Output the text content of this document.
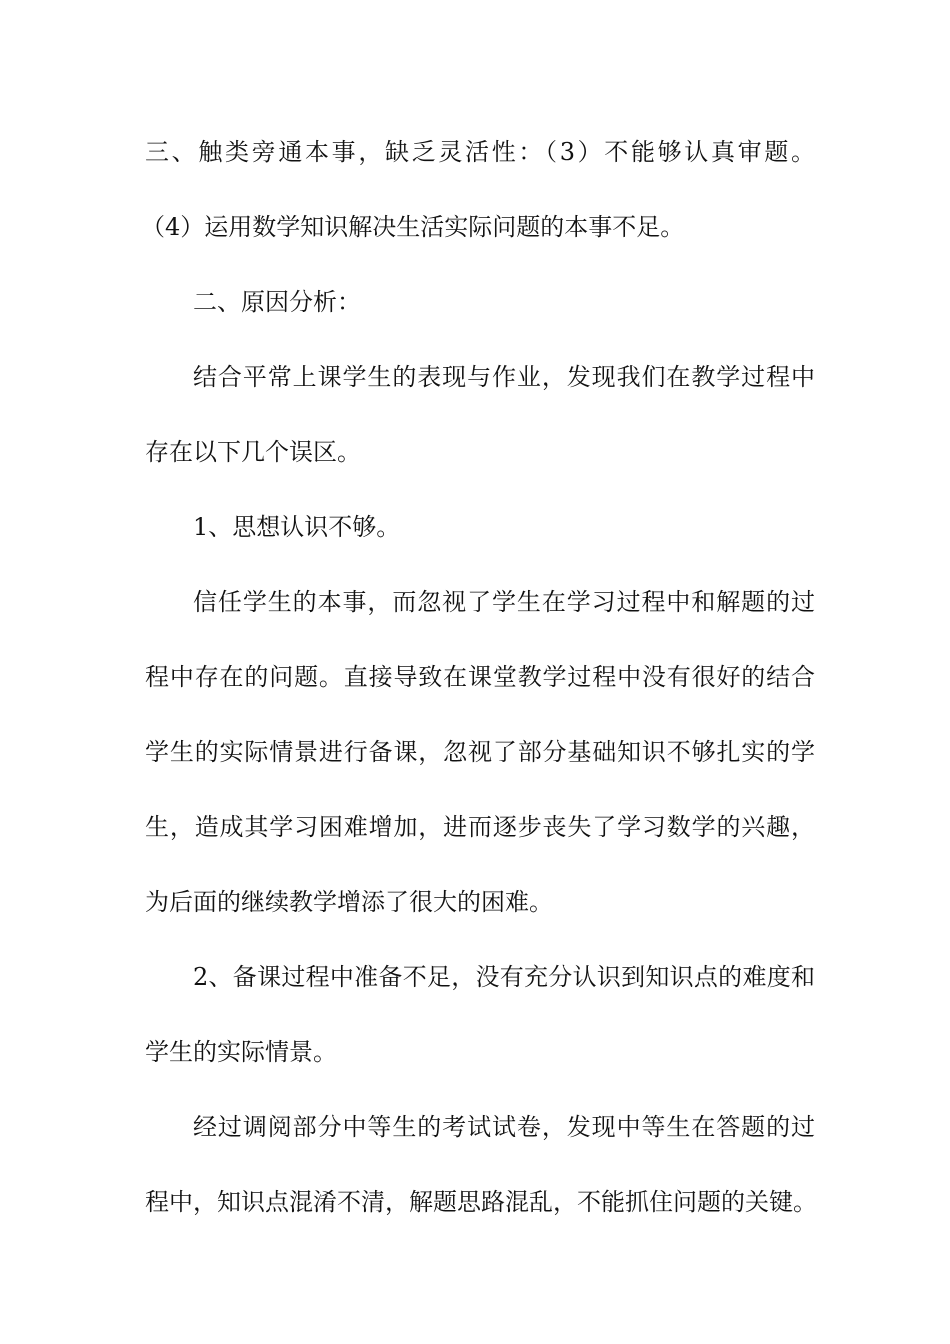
三、触类旁通本事，缺乏灵活性：（3）不能够认真审题。
（4）运用数学知识解决生活实际问题的本事不足。
二、原因分析：
结合平常上课学生的表现与作业，发现我们在教学过程中
存在以下几个误区。
1、思想认识不够。
信任学生的本事，而忽视了学生在学习过程中和解题的过
程中存在的问题。直接导致在课堂教学过程中没有很好的结合
学生的实际情景进行备课，忽视了部分基础知识不够扎实的学
生，造成其学习困难增加，进而逐步丧失了学习数学的兴趣，
为后面的继续教学增添了很大的困难。
2、备课过程中准备不足，没有充分认识到知识点的难度和
学生的实际情景。
经过调阅部分中等生的考试试卷，发现中等生在答题的过
程中，知识点混淆不清，解题思路混乱，不能抓住问题的关键。
